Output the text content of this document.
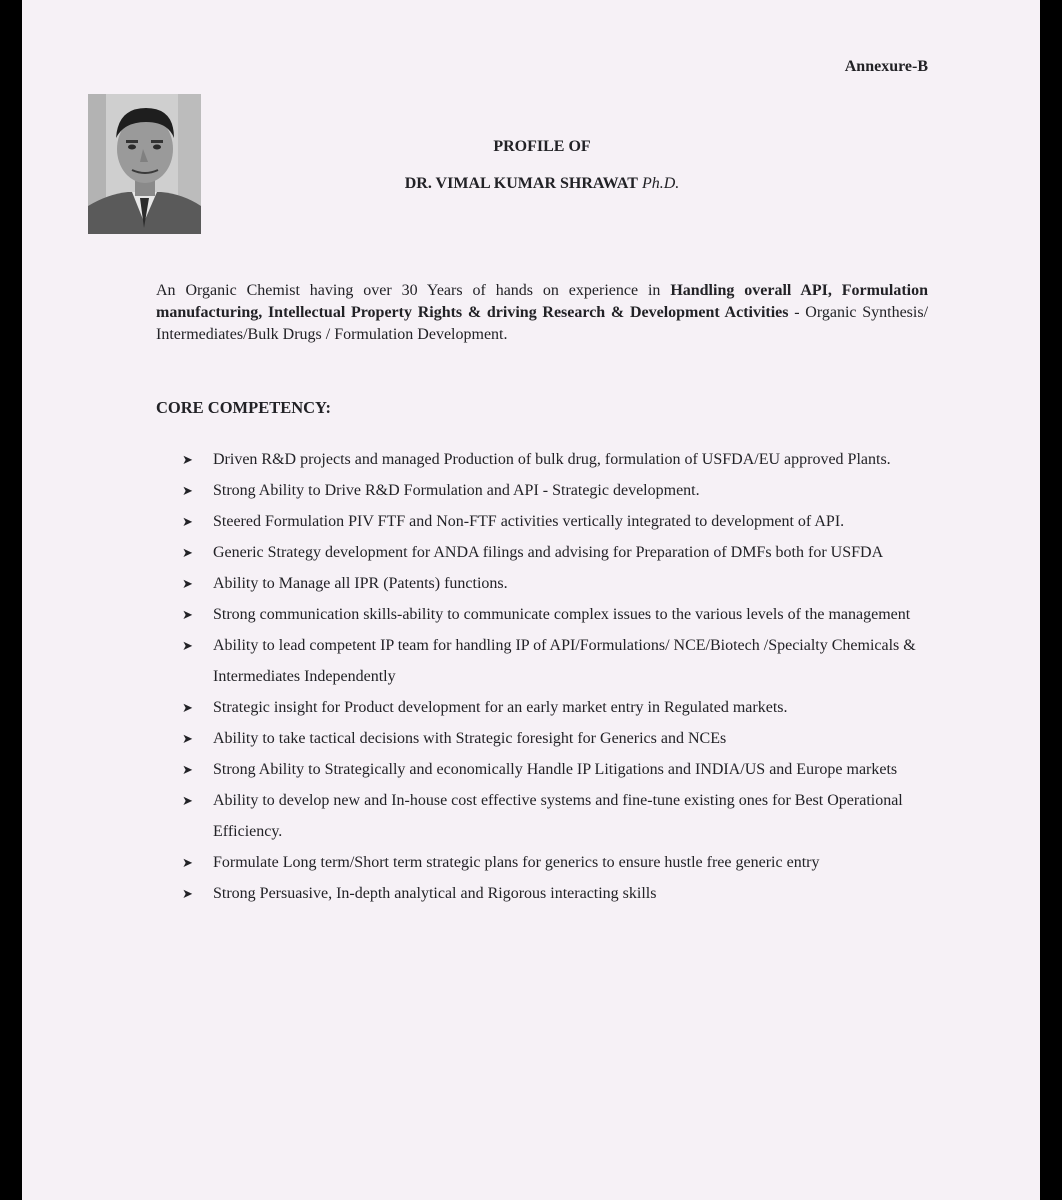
Annexure-B
PROFILE OF
DR. VIMAL KUMAR SHRAWAT Ph.D.
An Organic Chemist having over 30 Years of hands on experience in Handling overall API, Formulation manufacturing, Intellectual Property Rights & driving Research & Development Activities - Organic Synthesis/ Intermediates/Bulk Drugs / Formulation Development.
CORE COMPETENCY:
➤ Driven R&D projects and managed Production of bulk drug, formulation of USFDA/EU approved Plants.
➤ Strong Ability to Drive R&D Formulation and API - Strategic development.
➤ Steered Formulation PIV FTF and Non-FTF activities vertically integrated to development of API.
➤ Generic Strategy development for ANDA filings and advising for Preparation of DMFs both for USFDA
➤ Ability to Manage all IPR (Patents) functions.
➤ Strong communication skills-ability to communicate complex issues to the various levels of the management
➤ Ability to lead competent IP team for handling IP of API/Formulations/ NCE/Biotech /Specialty Chemicals & Intermediates Independently
➤ Strategic insight for Product development for an early market entry in Regulated markets.
➤ Ability to take tactical decisions with Strategic foresight for Generics and NCEs
➤ Strong Ability to Strategically and economically Handle IP Litigations and INDIA/US and Europe markets
➤ Ability to develop new and In-house cost effective systems and fine-tune existing ones for Best Operational Efficiency.
➤ Formulate Long term/Short term strategic plans for generics to ensure hustle free generic entry
➤ Strong Persuasive, In-depth analytical and Rigorous interacting skills
